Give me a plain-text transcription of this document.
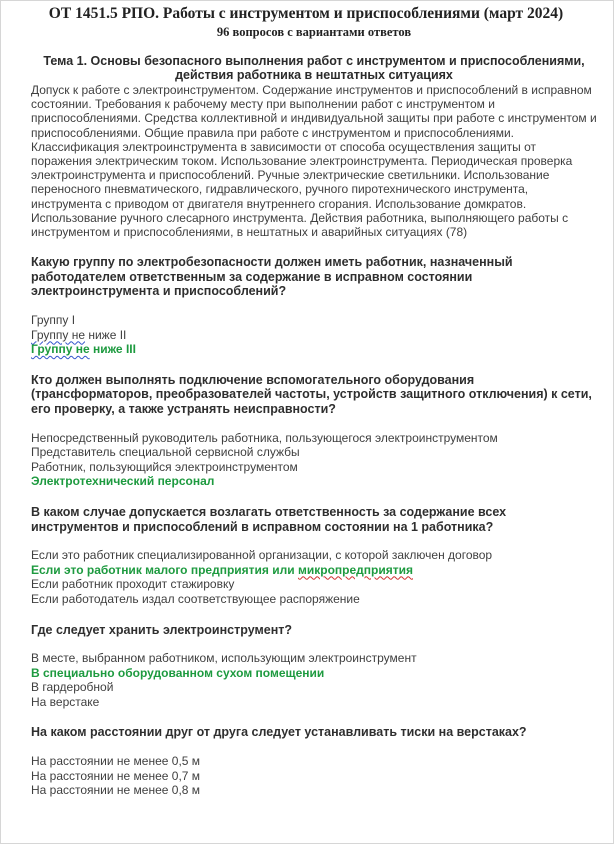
ОТ 1451.5 РПО. Работы с инструментом и приспособлениями (март 2024)
96 вопросов с вариантами ответов
Тема 1. Основы безопасного выполнения работ с инструментом и приспособлениями,
действия работника в нештатных ситуациях

Допуск к работе с электроинструментом. Содержание инструментов и приспособлений в исправном состоянии. Требования к рабочему месту при выполнении работ с инструментом и приспособлениями. Средства коллективной и индивидуальной защиты при работе с инструментом и приспособлениями. Общие правила при работе с инструментом и приспособлениями. Классификация электроинструмента в зависимости от способа осуществления защиты от поражения электрическим током. Использование электроинструмента. Периодическая проверка электроинструмента и приспособлений. Ручные электрические светильники. Использование переносного пневматического, гидравлического, ручного пиротехнического инструмента, инструмента с приводом от двигателя внутреннего сгорания. Использование домкратов. Использование ручного слесарного инструмента. Действия работника, выполняющего работы с инструментом и приспособлениями, в нештатных и аварийных ситуациях (78)

Какую группу по электробезопасности должен иметь работник, назначенный работодателем ответственным за содержание в исправном состоянии электроинструмента и приспособлений?
Группу I
Группу не ниже II
Группу не ниже III
Кто должен выполнять подключение вспомогательного оборудования (трансформаторов, преобразователей частоты, устройств защитного отключения) к сети, его проверку, а также устранять неисправности?
Непосредственный руководитель работника, пользующегося электроинструментом
Представитель специальной сервисной службы
Работник, пользующийся электроинструментом
Электротехнический персонал
В каком случае допускается возлагать ответственность за содержание всех инструментов и приспособлений в исправном состоянии на 1 работника?
Если это работник специализированной организации, с которой заключен договор
Если это работник малого предприятия или микропредприятия
Если работник проходит стажировку
Если работодатель издал соответствующее распоряжение
Где следует хранить электроинструмент?
В месте, выбранном работником, использующим электроинструмент
В специально оборудованном сухом помещении
В гардеробной
На верстаке
На каком расстоянии друг от друга следует устанавливать тиски на верстаках?
На расстоянии не менее 0,5 м
На расстоянии не менее 0,7 м
На расстоянии не менее 0,8 м
